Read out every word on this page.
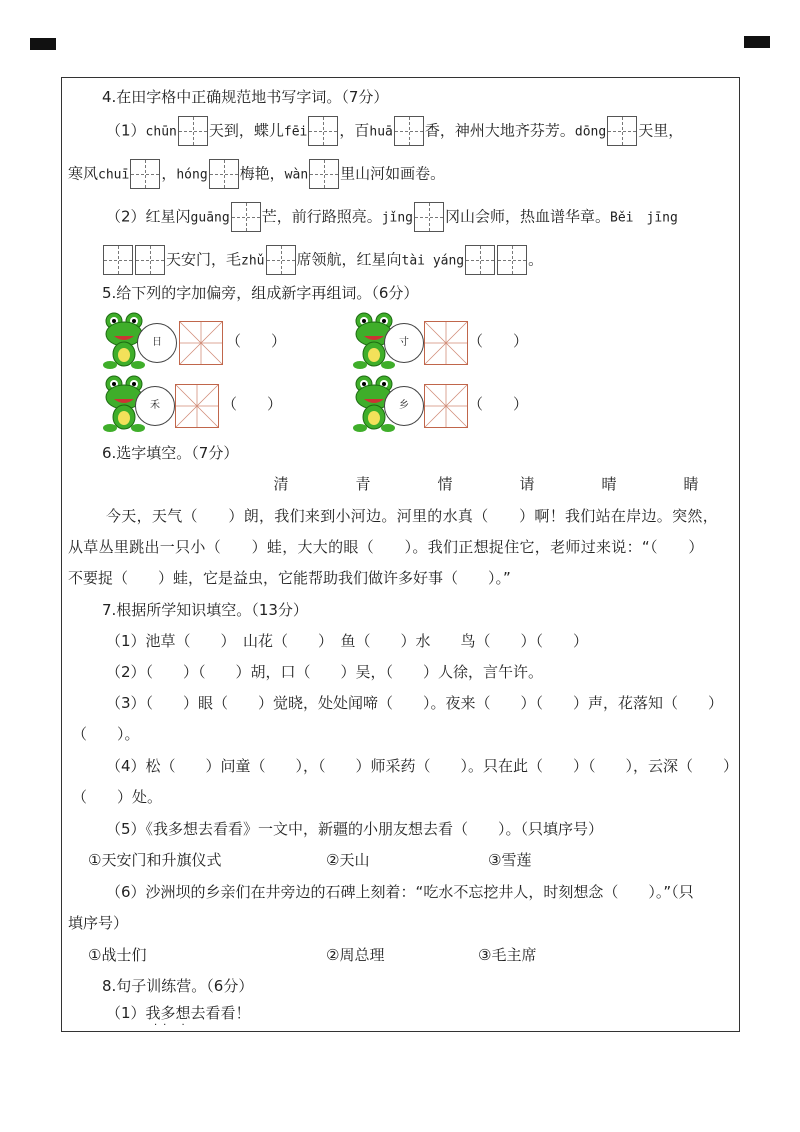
4.在田字格中正确规范地书写字词。（7分）
（1）chūn 天到，蝶儿fēi ，百huā 香，神州大地齐芬芳。dōng 天里，
寒风chuī ，hóng 梅艳，wàn 里山河如画卷。
（2）红星闪guāng 芒，前行路照亮。jǐng 冈山会师，热血谱华章。Běi　jīng
天安门，毛zhǔ 席领航，红星向tài yáng	。
5.给下列的字加偏旁，组成新字再组词。（6分）
日	（　　）	寸	（　　）
禾	（　　）	乡	（　　）
6.选字填空。（7分）
清	青	情	请	晴	睛
今天，天气（　　）朗，我们来到小河边。河里的水真（　　）啊！我们站在岸边。突然，
从草丛里跳出一只小（　　）蛙，大大的眼（　　）。我们正想捉住它，老师过来说：“（　　）
不要捉（　　）蛙，它是益虫，它能帮助我们做许多好事（　　）。”
7.根据所学知识填空。（13分）
（1）池草（　　）　山花（　　）　鱼（　　）水　　鸟（　　）（　　）
（2）（　　）（　　）胡，口（　　）吴，（　　）人徐，言午许。
（3）（　　）眼（　　）觉晓，处处闻啼（　　）。夜来（　　）（　　）声，花落知（　　）
（　　）。
（4）松（　　）问童（　　），（　　）师采药（　　）。只在此（　　）（　　），云深（　　）
（　　）处。
（5）《我多想去看看》一文中，新疆的小朋友想去看（　　）。（只填序号）
①天安门和升旗仪式	②天山	③雪莲
（6）沙洲坝的乡亲们在井旁边的石碑上刻着：“吃水不忘挖井人，时刻想念（　　）。”（只
填序号）
①战士们	②周总理	③毛主席
8.句子训练营。（6分）
（1）我多想去看看！
·· ·
